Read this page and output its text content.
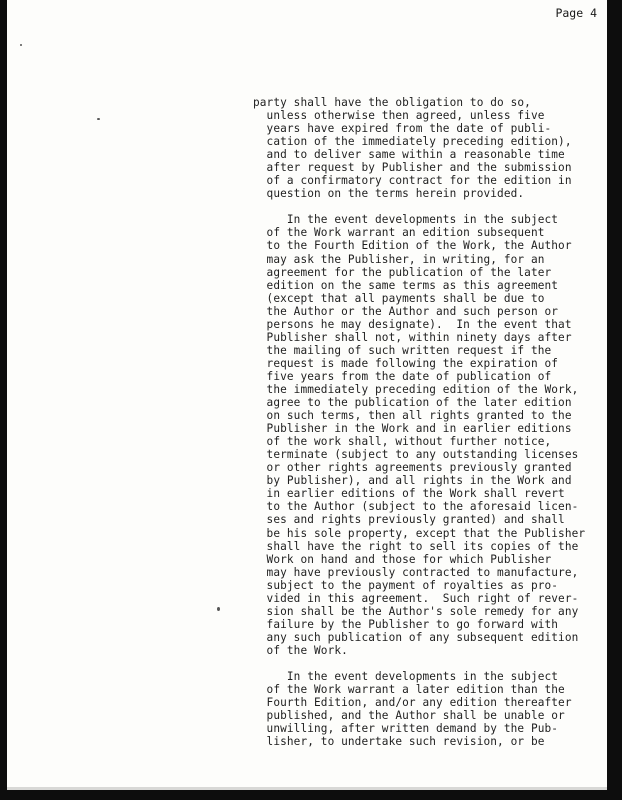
Page 4

party shall have the obligation to do so,
unless otherwise then agreed, unless five
years have expired from the date of publi-
cation of the immediately preceding edition),
and to deliver same within a reasonable time
after request by Publisher and the submission
of a confirmatory contract for the edition in
question on the terms herein provided.

In the event developments in the subject
of the Work warrant an edition subsequent
to the Fourth Edition of the Work, the Author
may ask the Publisher, in writing, for an
agreement for the publication of the later
edition on the same terms as this agreement
(except that all payments shall be due to
the Author or the Author and such person or
persons he may designate).  In the event that
Publisher shall not, within ninety days after
the mailing of such written request if the
request is made following the expiration of
five years from the date of publication of
the immediately preceding edition of the Work,
agree to the publication of the later edition
on such terms, then all rights granted to the
Publisher in the Work and in earlier editions
of the work shall, without further notice,
terminate (subject to any outstanding licenses
or other rights agreements previously granted
by Publisher), and all rights in the Work and
in earlier editions of the Work shall revert
to the Author (subject to the aforesaid licen-
ses and rights previously granted) and shall
be his sole property, except that the Publisher
shall have the right to sell its copies of the
Work on hand and those for which Publisher
may have previously contracted to manufacture,
subject to the payment of royalties as pro-
vided in this agreement.  Such right of rever-
sion shall be the Author's sole remedy for any
failure by the Publisher to go forward with
any such publication of any subsequent edition
of the Work.

In the event developments in the subject
of the Work warrant a later edition than the
Fourth Edition, and/or any edition thereafter
published, and the Author shall be unable or
unwilling, after written demand by the Pub-
lisher, to undertake such revision, or be
